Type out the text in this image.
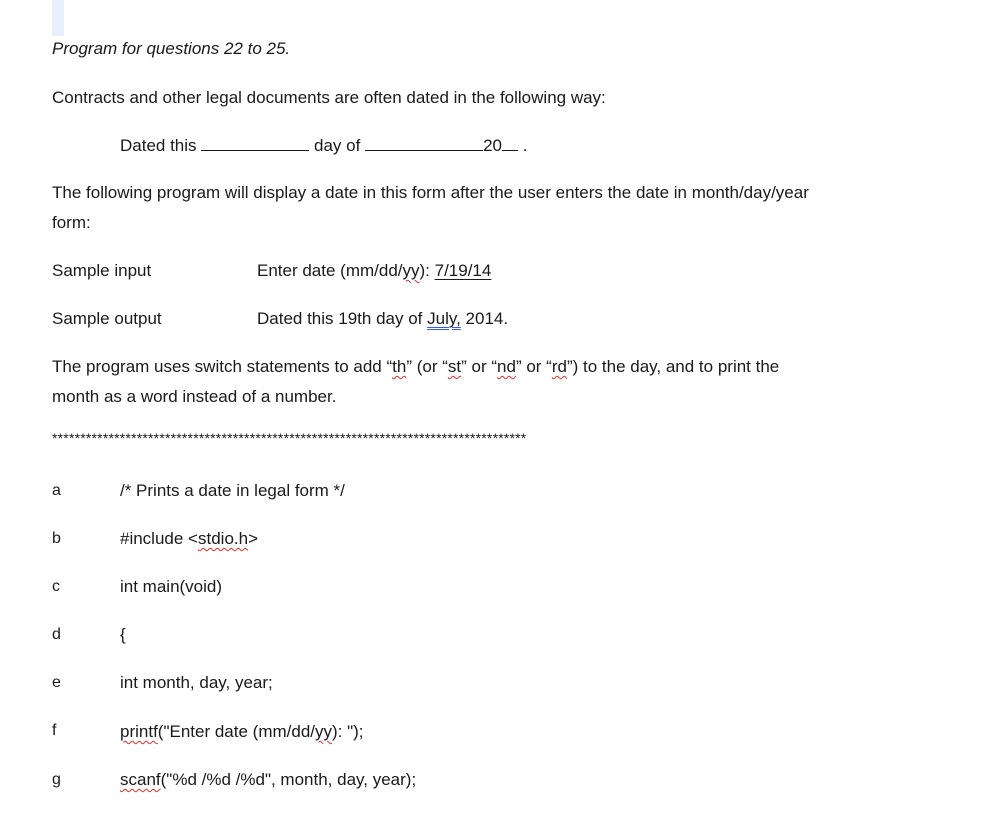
Program for questions 22 to 25.
Contracts and other legal documents are often dated in the following way:
Dated this	day of	20 .
The following program will display a date in this form after the user enters the date in month/day/year
form:
Sample input	Enter date (mm/dd/yy): 7/19/14
Sample output	Dated this 19th day of July, 2014.
The program uses switch statements to add “th” (or “st” or “nd” or “rd”) to the day, and to print the
month as a word instead of a number.
************************************************************************************
a	/* Prints a date in legal form */
b	#include <stdio.h>
c	int main(void)
d	{
e	int month, day, year;
f	printf("Enter date (mm/dd/yy): ");
g	scanf("%d /%d /%d", month, day, year);
